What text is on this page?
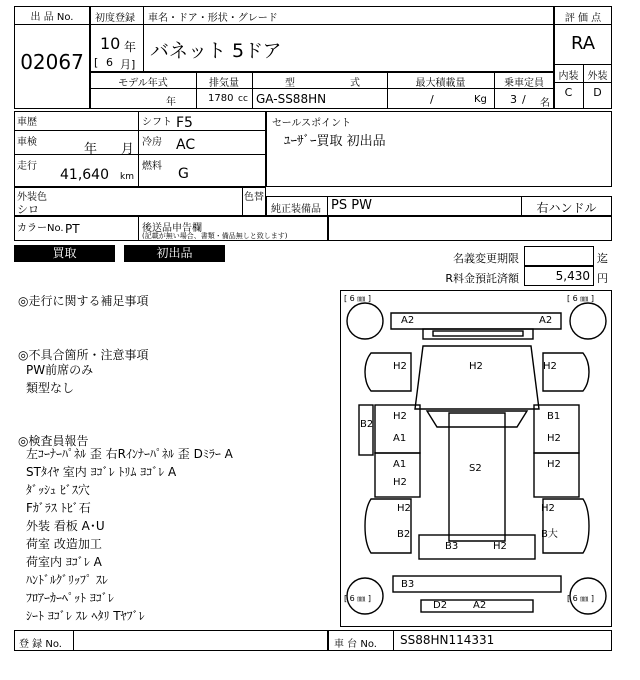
出 品 No.
02067
初度登録 車名・ドア・形状・グレード
10 年
[ 6 月]
バネット 5ドア
評 価 点
RA
内装 外装
C	D
モデル年式	排気量	型	式	最大積載量	乗車定員
年	1780 cc GA-SS88HN	/	Kg 3 / 名
車歴
車検	年 月
走行
41,640 km
シフト F5
冷房 AC
燃料 G
セールスポイント
ﾕｰｻﾞｰ買取 初出品
外装色
シロ
色替
純正装備品 PS PW	右ハンドル
カラーNo. PT	後送品申告欄
(記載が無い場合、書類・備品無しと致します)
買取	初出品	名義変更期限	迄
R料金預託済額	5,430 円
◎走行に関する補足事項
◎不具合箇所・注意事項
PW前席のみ
類型なし
◎検査員報告
左ｺｰﾅｰﾊﾟﾈﾙ 歪 右Rｲﾝﾅｰﾊﾟﾈﾙ 歪 Dﾐﾗｰ A
STﾀｲﾔ 室内 ﾖｺﾞﾚ ﾄﾘﾑ ﾖｺﾞﾚ A
ﾀﾞｯｼｭ ﾋﾞｽ穴
Fｶﾞﾗｽ ﾄﾋﾞ石
外装 看板 A･U
荷室 改造加工
荷室内 ﾖｺﾞﾚ A
ﾊﾝﾄﾞﾙｸﾞﾘｯﾌﾟ ｽﾚ
ﾌﾛｱｰｶｰﾍﾟｯﾄ ﾖｺﾞﾚ
ｼｰﾄ ﾖｺﾞﾚ ｽﾚ ﾍﾀﾘ Tﾔﾌﾞﾚ
[ 6 ㎜ ]	[ 6 ㎜ ]
[ 6 ㎜ ]	[ 6 ㎜ ]
A2	A2
H2	H2	H2
H2
A1
B2
B1
H2
A1
H2
S2	H2
H2
B2
H2
B大
B3	H2
B3
D2	A2
登 録 No.	車 台 No. SS88HN114331
